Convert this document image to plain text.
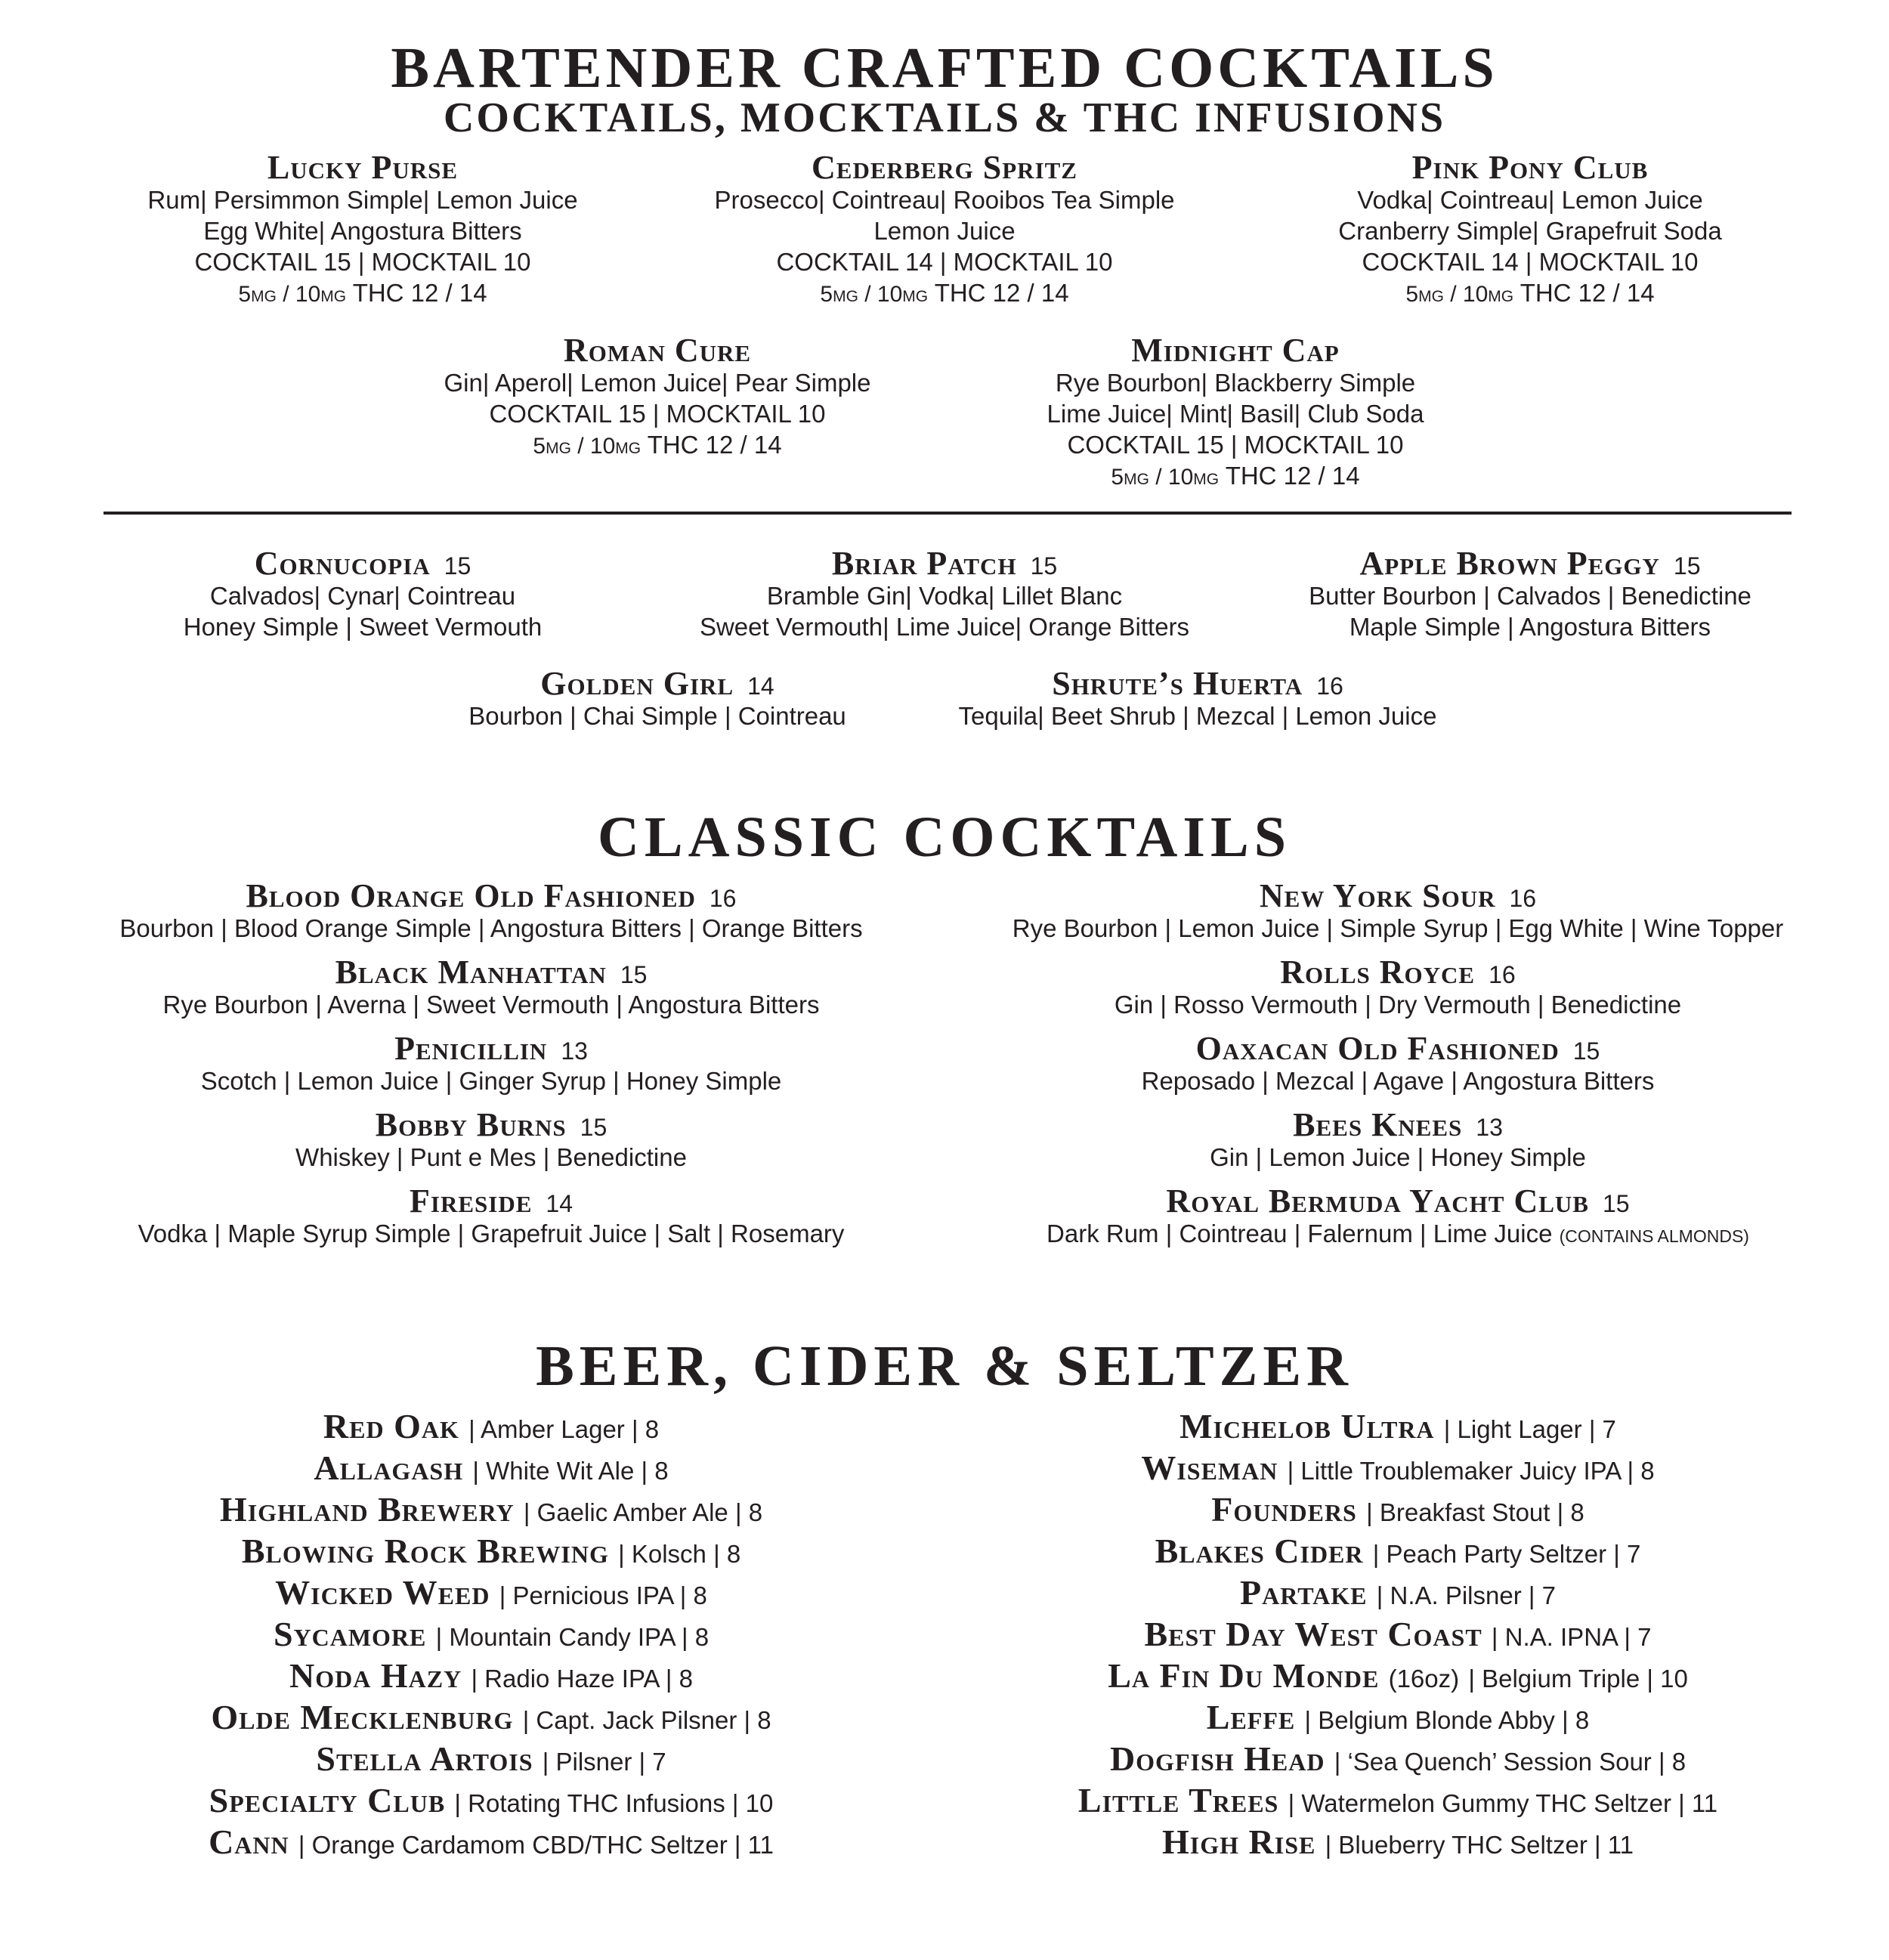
BARTENDER CRAFTED COCKTAILS
COCKTAILS, MOCKTAILS & THC INFUSIONS
Lucky Purse
Rum| Persimmon Simple| Lemon Juice
Egg White| Angostura Bitters
COCKTAIL 15 | MOCKTAIL 10
5mg / 10mg THC 12 / 14
Cederberg Spritz
Prosecco| Cointreau| Rooibos Tea Simple
Lemon Juice
COCKTAIL 14 | MOCKTAIL 10
5mg / 10mg THC 12 / 14
Pink Pony Club
Vodka| Cointreau| Lemon Juice
Cranberry Simple| Grapefruit Soda
COCKTAIL 14 | MOCKTAIL 10
5mg / 10mg THC 12 / 14
Roman Cure
Gin| Aperol| Lemon Juice| Pear Simple
COCKTAIL 15 | MOCKTAIL 10
5mg / 10mg THC 12 / 14
Midnight Cap
Rye Bourbon| Blackberry Simple
Lime Juice| Mint| Basil| Club Soda
COCKTAIL 15 | MOCKTAIL 10
5mg / 10mg THC 12 / 14
Cornucopia 15
Calvados| Cynar| Cointreau
Honey Simple | Sweet Vermouth
Briar Patch 15
Bramble Gin| Vodka| Lillet Blanc
Sweet Vermouth| Lime Juice| Orange Bitters
Apple Brown Peggy 15
Butter Bourbon | Calvados | Benedictine
Maple Simple | Angostura Bitters
Golden Girl 14
Bourbon | Chai Simple | Cointreau
Shrute’s Huerta 16
Tequila| Beet Shrub | Mezcal | Lemon Juice
CLASSIC COCKTAILS
Blood Orange Old Fashioned 16
Bourbon | Blood Orange Simple | Angostura Bitters | Orange Bitters
Black Manhattan 15
Rye Bourbon | Averna | Sweet Vermouth | Angostura Bitters
Penicillin 13
Scotch | Lemon Juice | Ginger Syrup | Honey Simple
Bobby Burns 15
Whiskey | Punt e Mes | Benedictine
Fireside 14
Vodka | Maple Syrup Simple | Grapefruit Juice | Salt | Rosemary
New York Sour 16
Rye Bourbon | Lemon Juice | Simple Syrup | Egg White | Wine Topper
Rolls Royce 16
Gin | Rosso Vermouth | Dry Vermouth | Benedictine
Oaxacan Old Fashioned 15
Reposado | Mezcal | Agave | Angostura Bitters
Bees Knees 13
Gin | Lemon Juice | Honey Simple
Royal Bermuda Yacht Club 15
Dark Rum | Cointreau | Falernum | Lime Juice (CONTAINS ALMONDS)
BEER, CIDER & SELTZER
Red Oak | Amber Lager | 8
Allagash | White Wit Ale | 8
Highland Brewery | Gaelic Amber Ale | 8
Blowing Rock Brewing | Kolsch | 8
Wicked Weed | Pernicious IPA | 8
Sycamore | Mountain Candy IPA | 8
Noda Hazy | Radio Haze IPA | 8
Olde Mecklenburg | Capt. Jack Pilsner | 8
Stella Artois | Pilsner | 7
Specialty Club | Rotating THC Infusions | 10
Cann | Orange Cardamom CBD/THC Seltzer | 11
Michelob Ultra | Light Lager | 7
Wiseman | Little Troublemaker Juicy IPA | 8
Founders | Breakfast Stout | 8
Blakes Cider | Peach Party Seltzer | 7
Partake | N.A. Pilsner | 7
Best Day West Coast | N.A. IPNA | 7
La Fin Du Monde (16oz) | Belgium Triple | 10
Leffe | Belgium Blonde Abby | 8
Dogfish Head | ‘Sea Quench’ Session Sour | 8
Little Trees | Watermelon Gummy THC Seltzer | 11
High Rise | Blueberry THC Seltzer | 11
